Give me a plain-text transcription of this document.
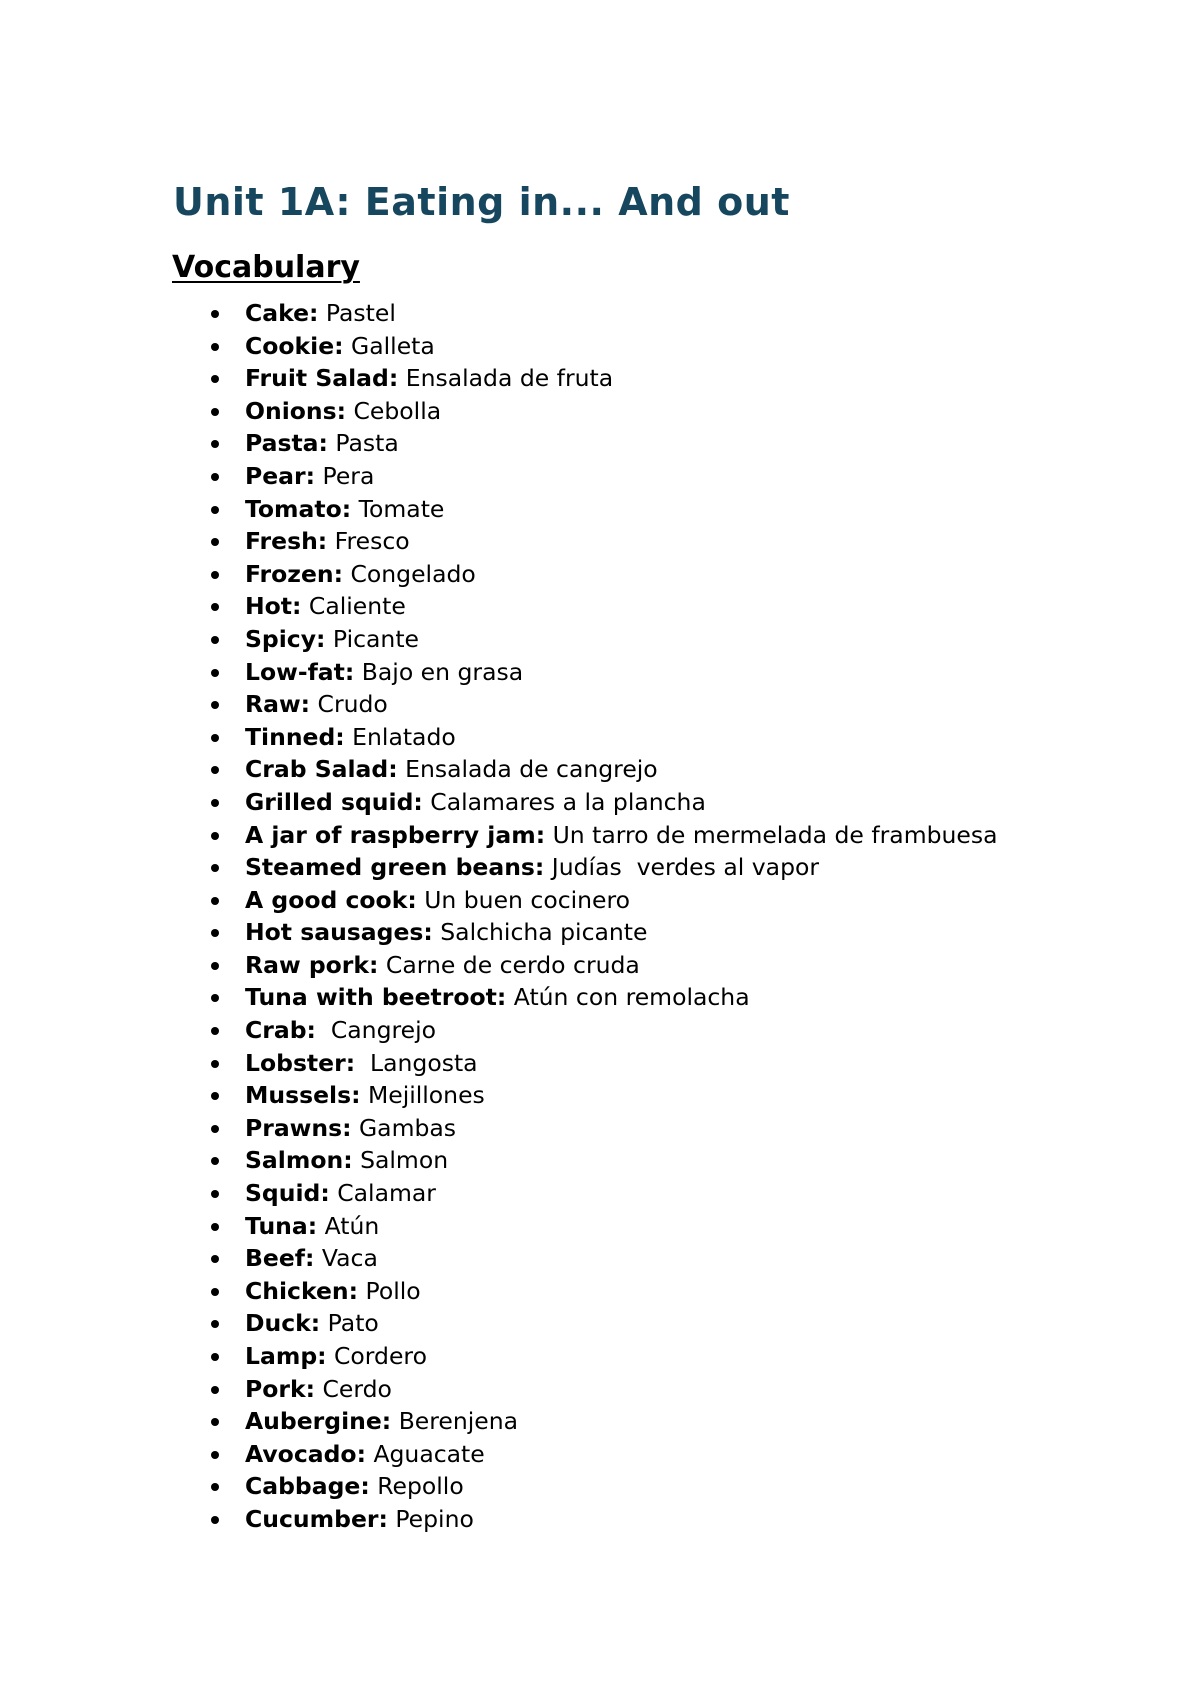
Unit 1A: Eating in... And out
Vocabulary
Cake: Pastel
Cookie: Galleta
Fruit Salad: Ensalada de fruta
Onions: Cebolla
Pasta: Pasta
Pear: Pera
Tomato: Tomate
Fresh: Fresco
Frozen: Congelado
Hot: Caliente
Spicy: Picante
Low-fat: Bajo en grasa
Raw: Crudo
Tinned: Enlatado
Crab Salad: Ensalada de cangrejo
Grilled squid: Calamares a la plancha
A jar of raspberry jam: Un tarro de mermelada de frambuesa
Steamed green beans: Judías  verdes al vapor
A good cook: Un buen cocinero
Hot sausages: Salchicha picante
Raw pork: Carne de cerdo cruda
Tuna with beetroot: Atún con remolacha
Crab:  Cangrejo
Lobster:  Langosta
Mussels: Mejillones
Prawns: Gambas
Salmon: Salmon
Squid: Calamar
Tuna: Atún
Beef: Vaca
Chicken: Pollo
Duck: Pato
Lamp: Cordero
Pork: Cerdo
Aubergine: Berenjena
Avocado: Aguacate
Cabbage: Repollo
Cucumber: Pepino
